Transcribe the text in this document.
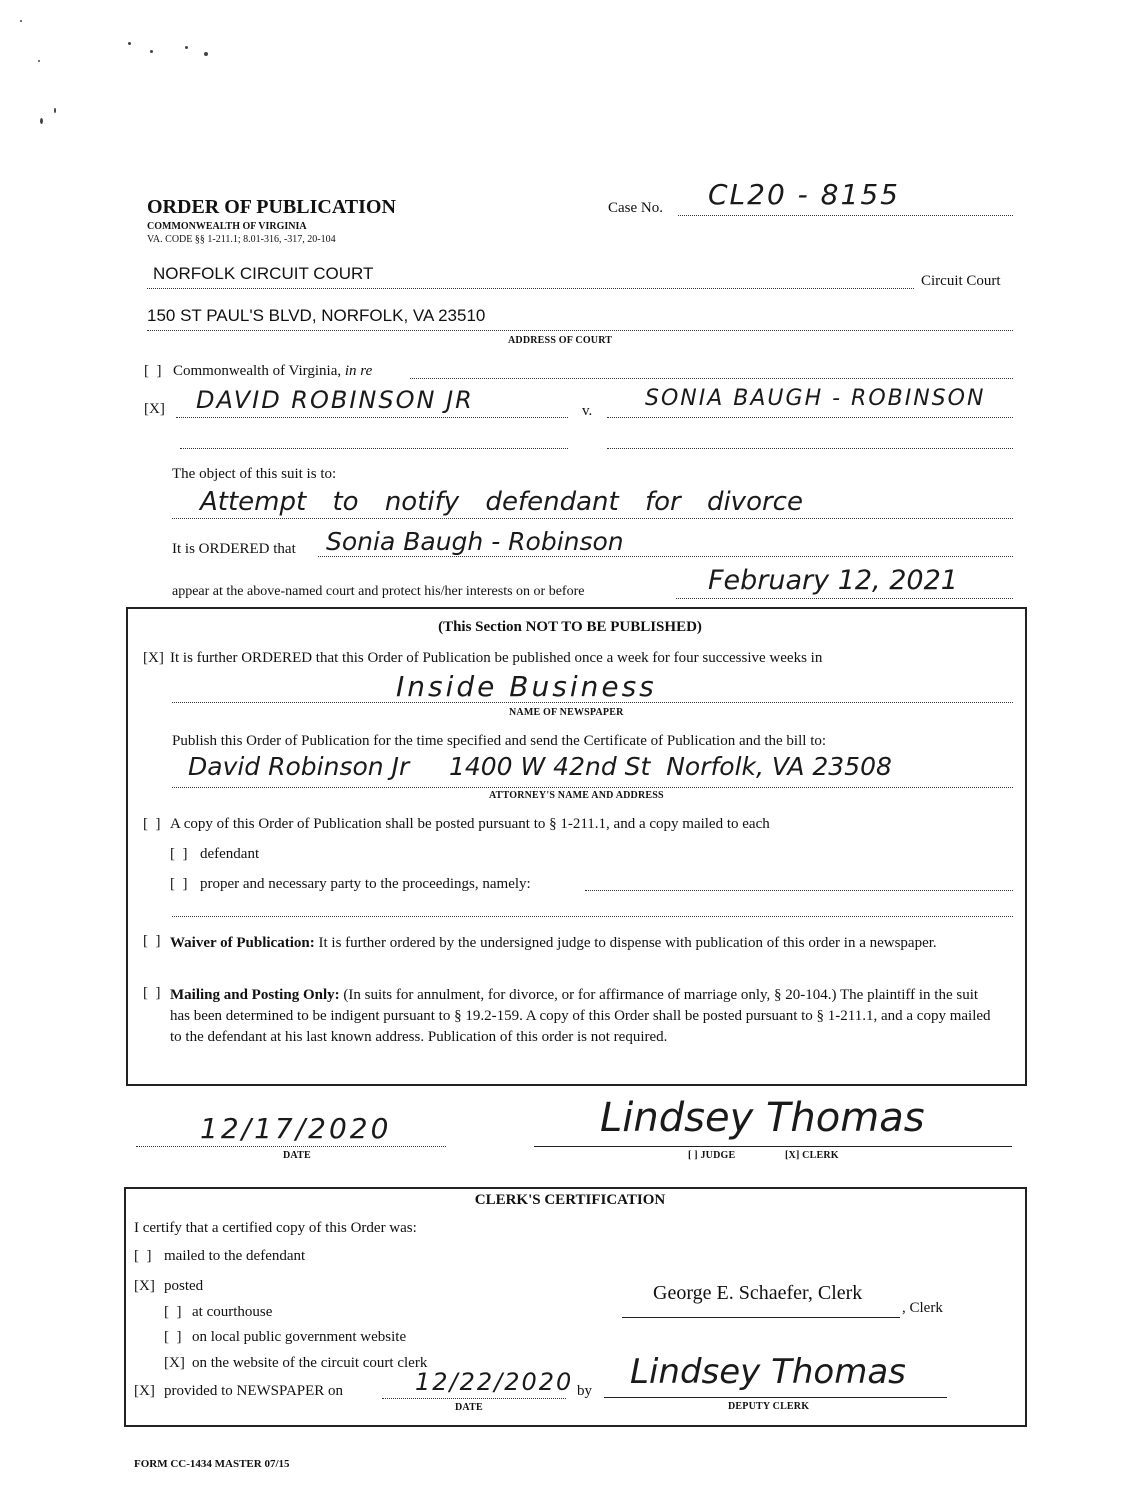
ORDER OF PUBLICATION
COMMONWEALTH OF VIRGINIA
VA. CODE §§ 1-211.1; 8.01-316, -317, 20-104
Case No. CL20 - 8155
NORFOLK CIRCUIT COURT	Circuit Court
150 ST PAUL'S BLVD, NORFOLK, VA 23510
ADDRESS OF COURT
[  ] Commonwealth of Virginia, in re
[X] DAVID ROBINSON JR	v. SONIA BAUGH - ROBINSON
The object of this suit is to:
Attempt to notify defendant for divorce
It is ORDERED that Sonia Baugh - Robinson
appear at the above-named court and protect his/her interests on or before	February 12, 2021
(This Section NOT TO BE PUBLISHED)
[X] It is further ORDERED that this Order of Publication be published once a week for four successive weeks in
Inside Business
NAME OF NEWSPAPER
Publish this Order of Publication for the time specified and send the Certificate of Publication and the bill to:
David Robinson Jr     1400 W 42nd St  Norfolk, VA 23508
ATTORNEY'S NAME AND ADDRESS
[  ] A copy of this Order of Publication shall be posted pursuant to § 1-211.1, and a copy mailed to each
[  ] defendant
[  ] proper and necessary party to the proceedings, namely:
[  ] Waiver of Publication: It is further ordered by the undersigned judge to dispense with publication of this order in a newspaper.
[  ] Mailing and Posting Only: (In suits for annulment, for divorce, or for affirmance of marriage only, § 20-104.) The plaintiff in the suit has been determined to be indigent pursuant to § 19.2-159. A copy of this Order shall be posted pursuant to § 1-211.1, and a copy mailed to the defendant at his last known address. Publication of this order is not required.
12/17/2020
DATE
Lindsey Thomas
[ ] JUDGE	[X] CLERK
CLERK'S CERTIFICATION
I certify that a certified copy of this Order was:
[  ] mailed to the defendant
[X] posted
[  ] at courthouse
[  ] on local public government website
[X] on the website of the circuit court clerk
[X] provided to NEWSPAPER on	12/22/2020
DATE
by
George E. Schaefer, Clerk
, Clerk
Lindsey Thomas
DEPUTY CLERK
FORM CC-1434 MASTER 07/15
